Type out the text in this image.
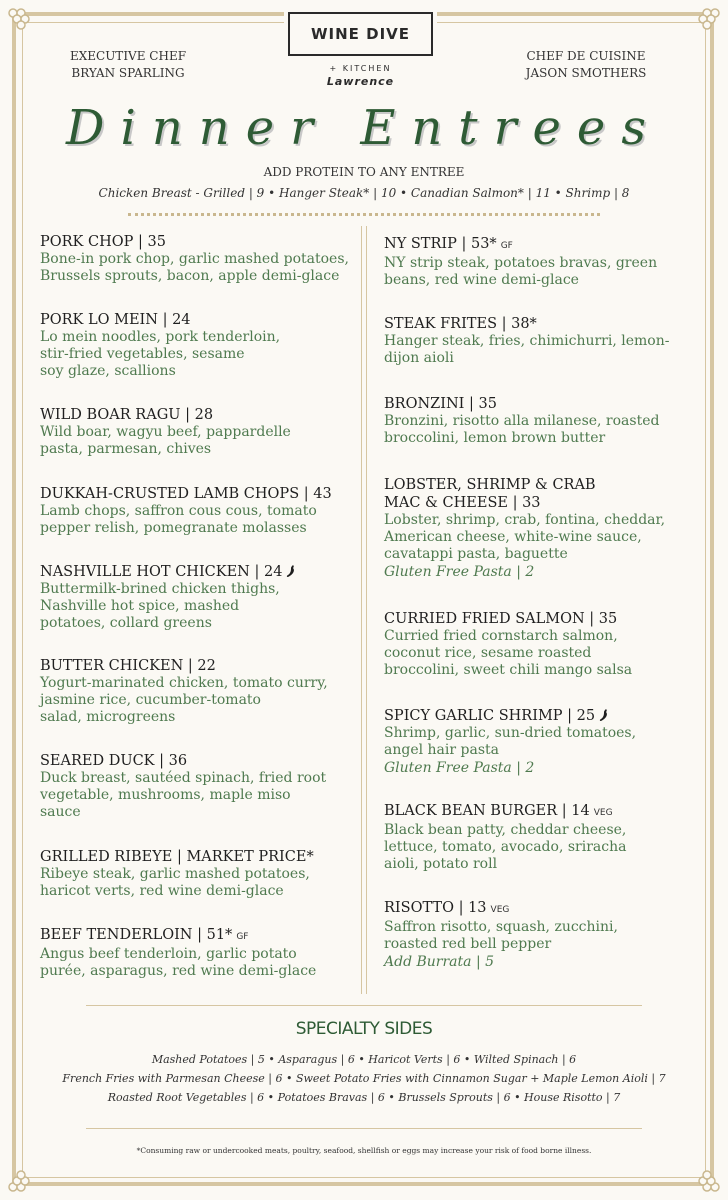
WINE DIVE
+ KITCHEN
Lawrence
EXECUTIVE CHEF
BRYAN SPARLING
CHEF DE CUISINE
JASON SMOTHERS
Dinner Entrees
ADD PROTEIN TO ANY ENTREE
Chicken Breast - Grilled | 9 • Hanger Steak* | 10 • Canadian Salmon* | 11 • Shrimp | 8
PORK CHOP | 35
Bone-in pork chop, garlic mashed potatoes,
Brussels sprouts, bacon, apple demi-glace
PORK LO MEIN | 24
Lo mein noodles, pork tenderloin,
stir-fried vegetables, sesame
soy glaze, scallions
WILD BOAR RAGU | 28
Wild boar, wagyu beef, pappardelle
pasta, parmesan, chives
DUKKAH-CRUSTED LAMB CHOPS | 43
Lamb chops, saffron cous cous, tomato
pepper relish, pomegranate molasses
NASHVILLE HOT CHICKEN | 24
Buttermilk-brined chicken thighs,
Nashville hot spice, mashed
potatoes, collard greens
BUTTER CHICKEN | 22
Yogurt-marinated chicken, tomato curry,
jasmine rice, cucumber-tomato
salad, microgreens
SEARED DUCK | 36
Duck breast, sautéed spinach, fried root
vegetable, mushrooms, maple miso
sauce
GRILLED RIBEYE | MARKET PRICE*
Ribeye steak, garlic mashed potatoes,
haricot verts, red wine demi-glace
BEEF TENDERLOIN | 51* GF
Angus beef tenderloin, garlic potato
purée, asparagus, red wine demi-glace
NY STRIP | 53* GF
NY strip steak, potatoes bravas, green
beans, red wine demi-glace
STEAK FRITES | 38*
Hanger steak, fries, chimichurri, lemon-
dijon aioli
BRONZINI | 35
Bronzini, risotto alla milanese, roasted
broccolini, lemon brown butter
LOBSTER, SHRIMP & CRAB
MAC & CHEESE | 33
Lobster, shrimp, crab, fontina, cheddar,
American cheese, white-wine sauce,
cavatappi pasta, baguette
Gluten Free Pasta | 2
CURRIED FRIED SALMON | 35
Curried fried cornstarch salmon,
coconut rice, sesame roasted
broccolini, sweet chili mango salsa
SPICY GARLIC SHRIMP | 25
Shrimp, garlic, sun-dried tomatoes,
angel hair pasta
Gluten Free Pasta | 2
BLACK BEAN BURGER | 14 VEG
Black bean patty, cheddar cheese,
lettuce, tomato, avocado, sriracha
aioli, potato roll
RISOTTO | 13 VEG
Saffron risotto, squash, zucchini,
roasted red bell pepper
Add Burrata | 5
SPECIALTY SIDES
Mashed Potatoes | 5 • Asparagus | 6 • Haricot Verts | 6 • Wilted Spinach | 6
French Fries with Parmesan Cheese | 6 • Sweet Potato Fries with Cinnamon Sugar + Maple Lemon Aioli | 7
Roasted Root Vegetables | 6 • Potatoes Bravas | 6 • Brussels Sprouts | 6 • House Risotto | 7
*Consuming raw or undercooked meats, poultry, seafood, shellfish or eggs may increase your risk of food borne illness.
